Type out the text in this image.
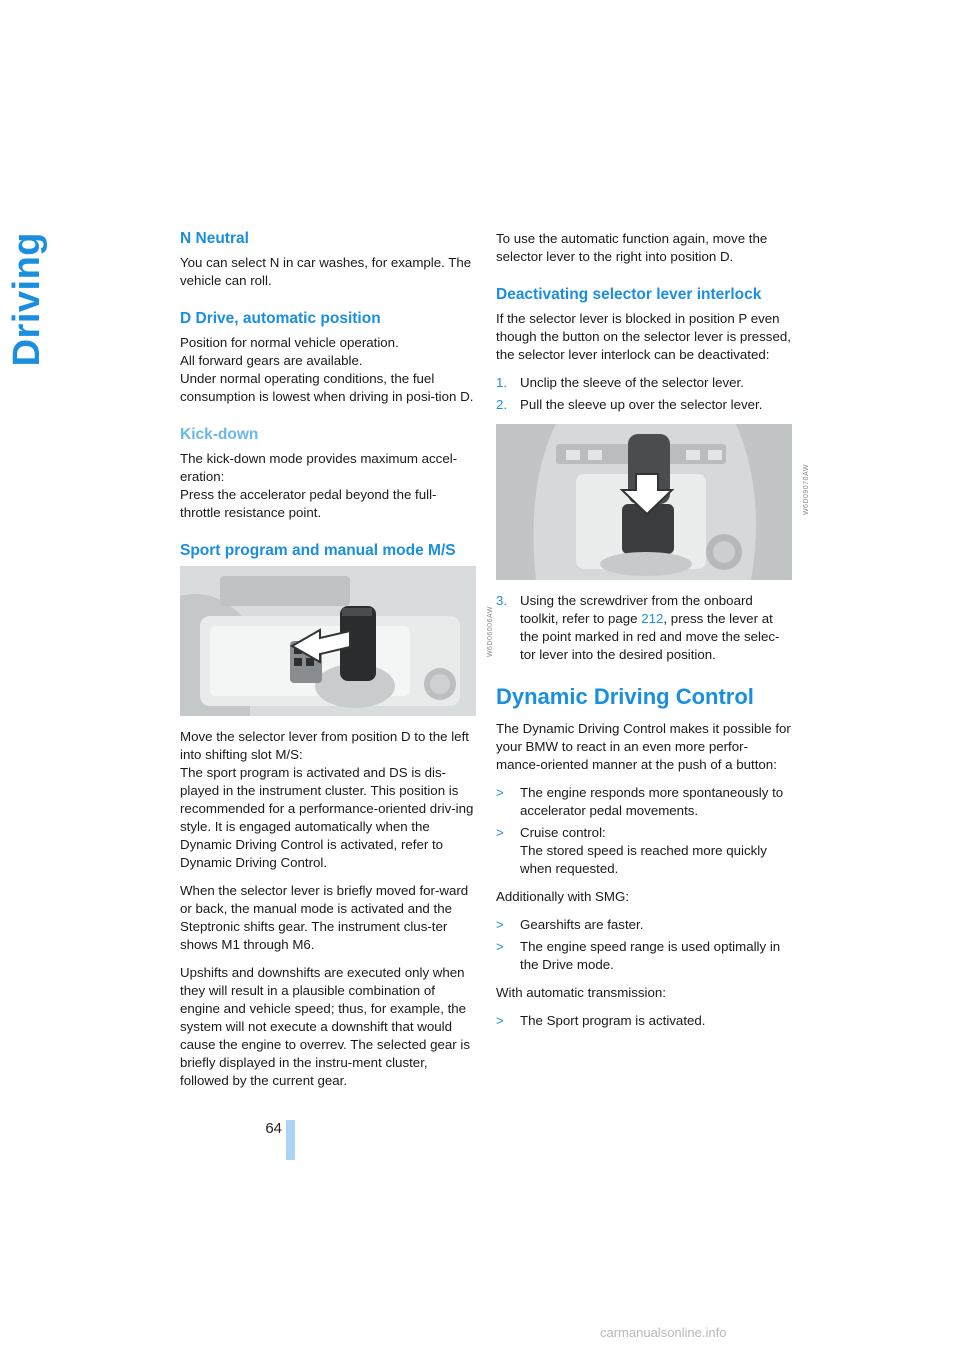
Driving	N Neutral

You can select N in car washes, for example. The vehicle can roll.

D Drive, automatic position

Position for normal vehicle operation.

All forward gears are available.

Under normal operating conditions, the fuel consumption is lowest when driving in posi-tion D.

Kick-down

The kick-down mode provides maximum accel-eration:

Press the accelerator pedal beyond the full-throttle resistance point.

Sport program and manual mode M/S
W6D06006AW

Move the selector lever from position D to the left into shifting slot M/S:

The sport program is activated and DS is dis-played in the instrument cluster. This position is recommended for a performance-oriented driv-ing style. It is engaged automatically when the Dynamic Driving Control is activated, refer to Dynamic Driving Control.

When the selector lever is briefly moved for-ward or back, the manual mode is activated and the Steptronic shifts gear. The instrument clus-ter shows M1 through M6.

Upshifts and downshifts are executed only when they will result in a plausible combination of engine and vehicle speed; thus, for example, the system will not execute a downshift that would cause the engine to overrev. The selected gear is briefly displayed in the instru-ment cluster, followed by the current gear.

To use the automatic function again, move the selector lever to the right into position D.

Deactivating selector lever interlock

If the selector lever is blocked in position P even though the button on the selector lever is pressed, the selector lever interlock can be deactivated:

1. Unclip the sleeve of the selector lever.
2. Pull the sleeve up over the selector lever.
W6D09070AW
3. Using the screwdriver from the onboard toolkit, refer to page 212, press the lever at the point marked in red and move the selec-tor lever into the desired position.
Dynamic Driving Control

The Dynamic Driving Control makes it possible for your BMW to react in an even more perfor-mance-oriented manner at the push of a button:

> The engine responds more spontaneously to accelerator pedal movements.
> Cruise control:
The stored speed is reached more quickly when requested.

Additionally with SMG:

> Gearshifts are faster.
> The engine speed range is used optimally in the Drive mode.

With automatic transmission:

> The Sport program is activated.
64
carmanualsonline.info
